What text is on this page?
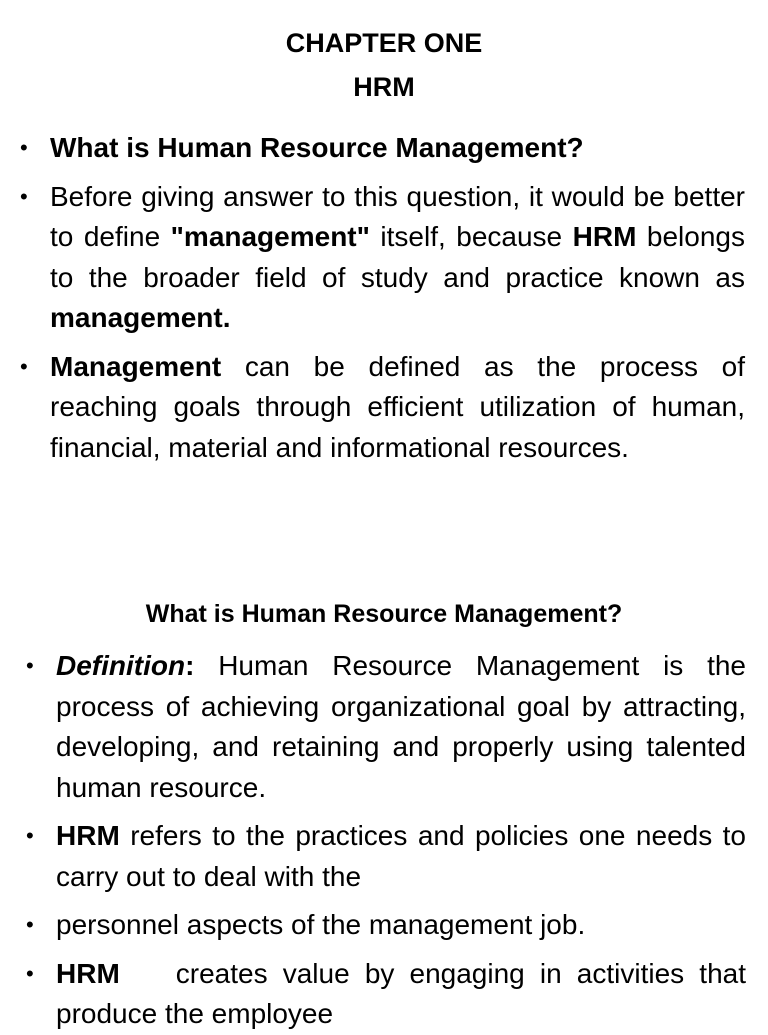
CHAPTER ONE
HRM
• What is Human Resource Management?
• Before giving answer to this question, it would be better to define "management" itself, because HRM belongs to the broader field of study and practice known as management.
• Management can be defined as the process of reaching goals through efficient utilization of human, financial, material and informational resources.
What is Human Resource Management?
• Definition: Human Resource Management is the process of achieving organizational goal by attracting, developing, and retaining and properly using talented human resource.
• HRM refers to the practices and policies one needs to carry out to deal with the
• personnel aspects of the management job.
• HRM creates value by engaging in activities that produce the employee
